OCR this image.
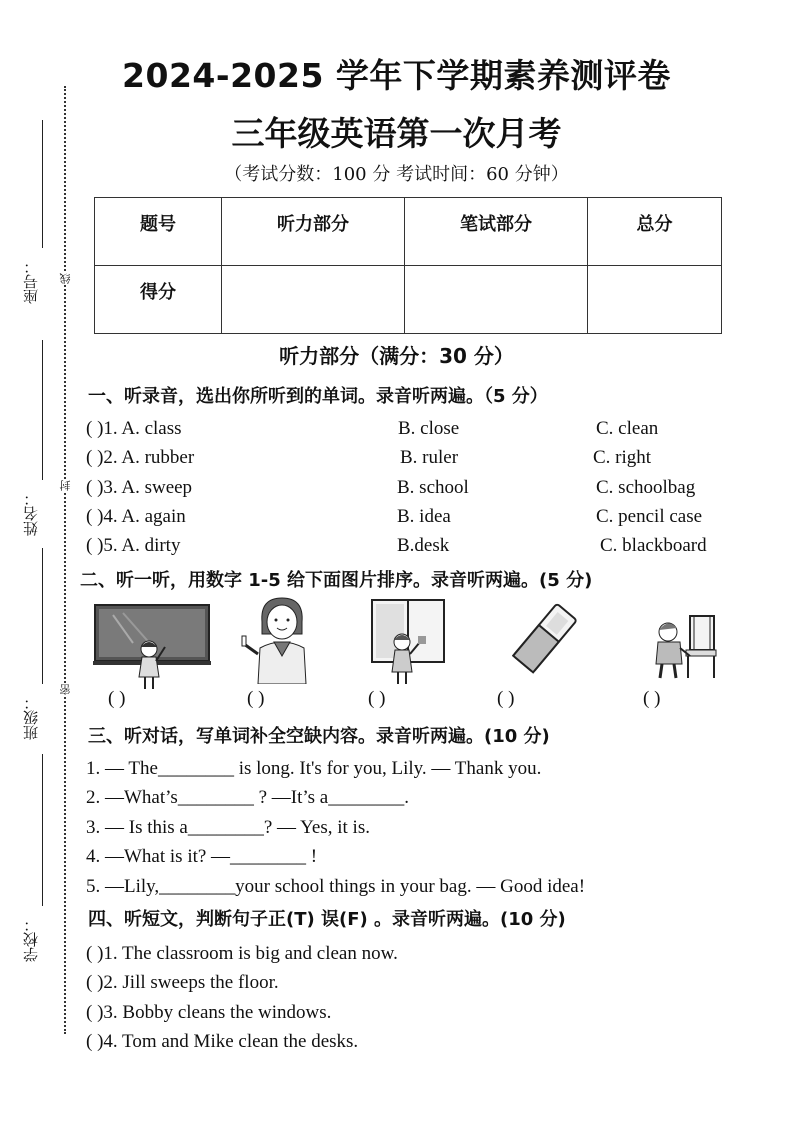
座号：
姓名：
班级：
学校：
线
封
密
2024-2025 学年下学期素养测评卷
三年级英语第一次月考
（考试分数：100 分 考试时间：60 分钟）
题号	听力部分	笔试部分	总分
得分			
听力部分（满分：30 分）
一、听录音，选出你所听到的单词。录音听两遍。（5 分）
( )1. A. class	B. close	C. clean
( )2. A. rubber	B. ruler	C. right
( )3. A. sweep	B. school	C. schoolbag
( )4. A. again	B. idea	C. pencil case
( )5. A. dirty	B.desk	C. blackboard
二、听一听，用数字 1-5 给下面图片排序。录音听两遍。(5 分)
( )	( )	( )	( )	( )
三、听对话，写单词补全空缺内容。录音听两遍。(10 分)
1. — The________ is long. It's for you, Lily. — Thank you.
2. —What’s________ ? —It’s a________.
3. — Is this a________? — Yes, it is.
4. —What is it? —________ !
5. —Lily,________your school things in your bag. — Good idea!
四、听短文，判断句子正(T) 误(F) 。录音听两遍。(10 分)
( )1. The classroom is big and clean now.
( )2. Jill sweeps the floor.
( )3. Bobby cleans the windows.
( )4. Tom and Mike clean the desks.
